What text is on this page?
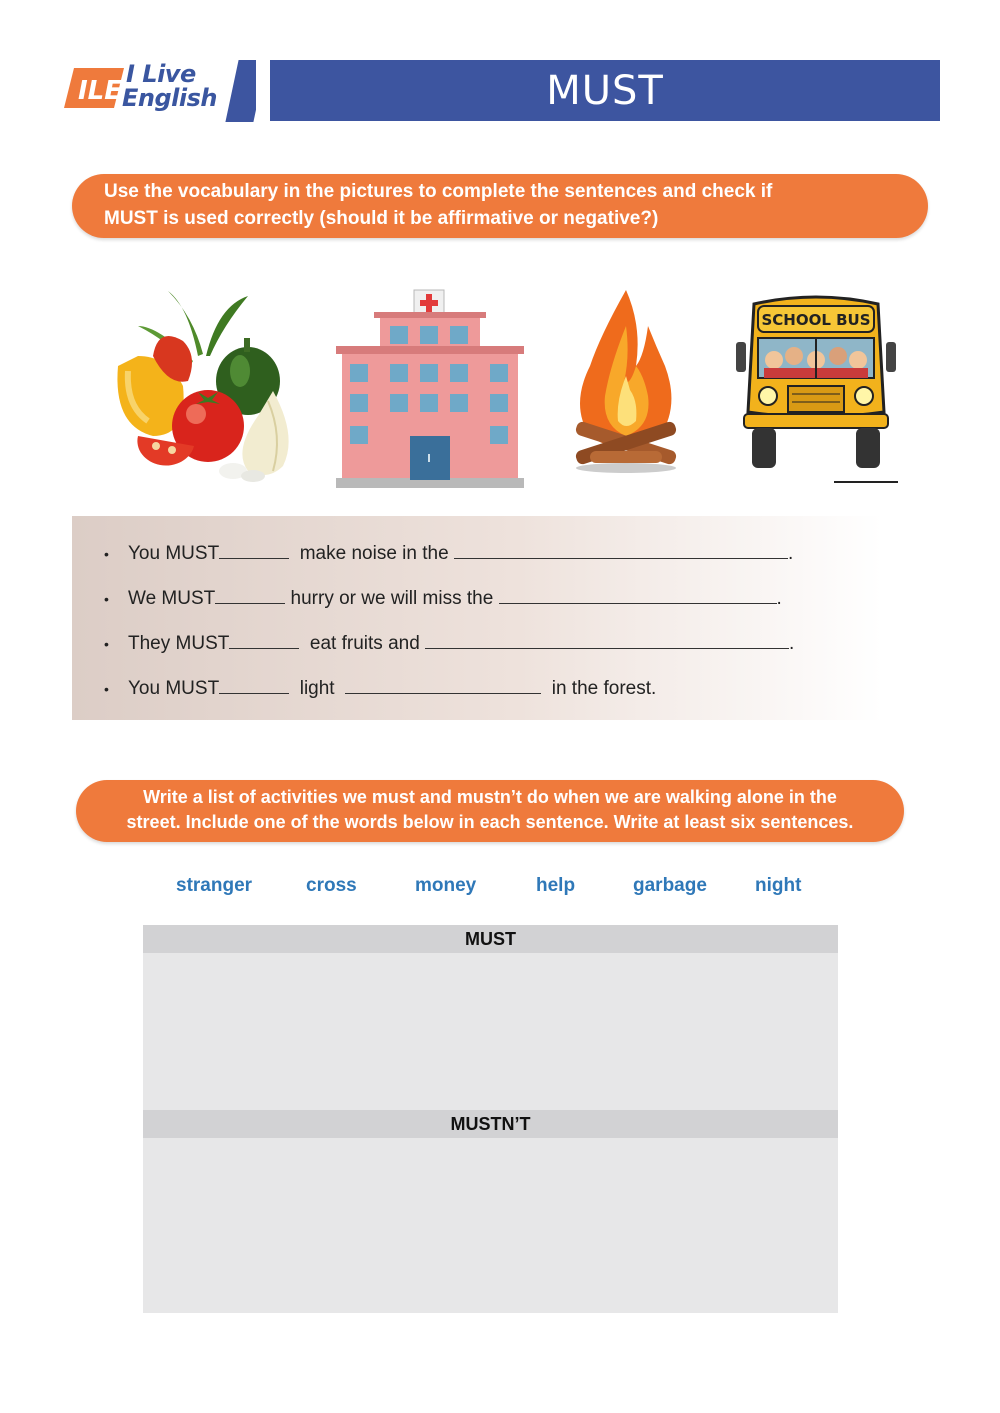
ILE
I Live
English	MUST
Use the vocabulary in the pictures to complete the sentences and check if
MUST is used correctly (should it be affirmative or negative?)
SCHOOL BUS
• You MUST	make noise in the	.
• We MUST	hurry or we will miss the	.
• They MUST	eat fruits and	.
• You MUST	light	in the forest.
Write a list of activities we must and mustn’t do when we are walking alone in the
street. Include one of the words below in each sentence. Write at least six sentences.
stranger	cross	money	help	garbage	night
MUST
MUSTN’T
